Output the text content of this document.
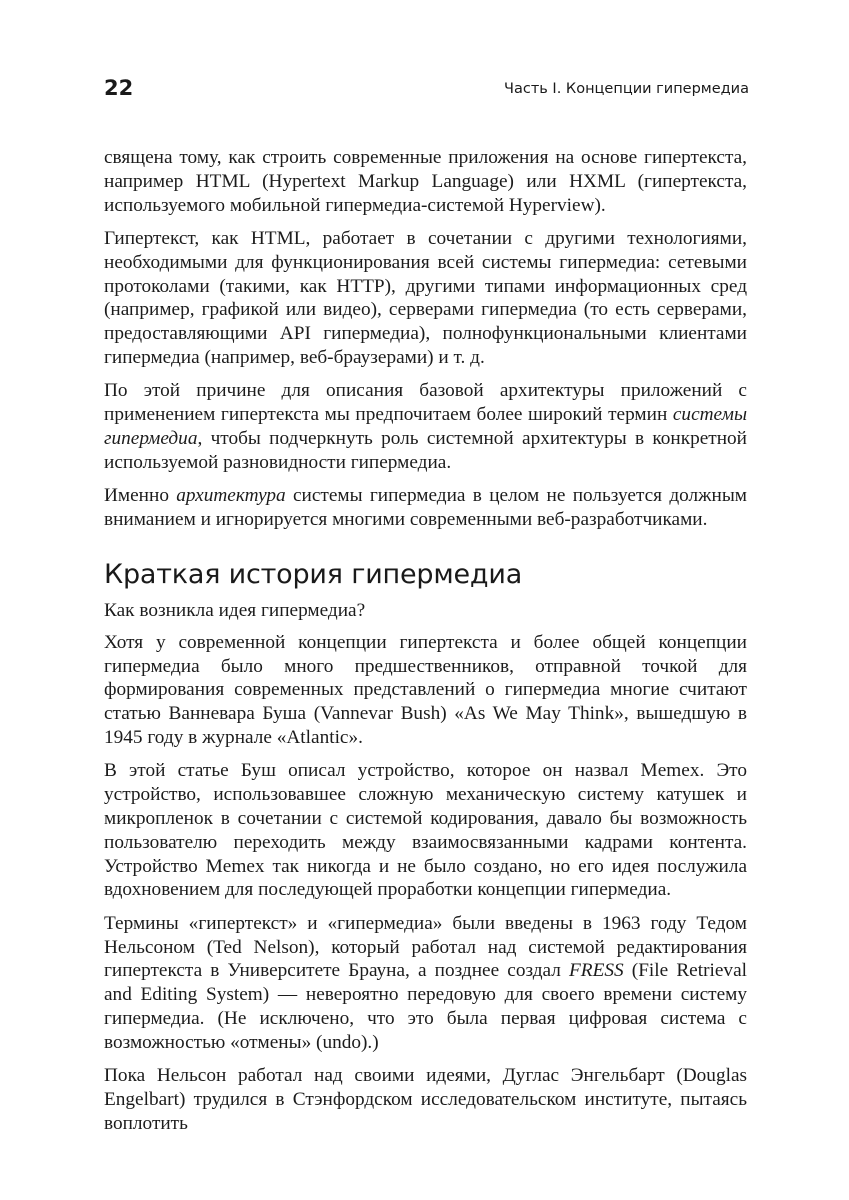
22	Часть I. Концепции гипермедиа

священа тому, как строить современные приложения на основе гипертекста, например HTML (Hypertext Markup Language) или HXML (гипертекста, используемого мобильной гипермедиа-системой Hyperview).

Гипертекст, как HTML, работает в сочетании с другими технологиями, необходимыми для функционирования всей системы гипермедиа: сетевыми протоколами (такими, как HTTP), другими типами информационных сред (например, графикой или видео), серверами гипермедиа (то есть серверами, предоставляющими API гипермедиа), полнофункциональными клиентами гипермедиа (например, веб-браузерами) и т. д.

По этой причине для описания базовой архитектуры приложений с применением гипертекста мы предпочитаем более широкий термин системы гипермедиа, чтобы подчеркнуть роль системной архитектуры в конкретной используемой разновидности гипермедиа.

Именно архитектура системы гипермедиа в целом не пользуется должным вниманием и игнорируется многими современными веб-разработчиками.

Краткая история гипермедиа

Как возникла идея гипермедиа?

Хотя у современной концепции гипертекста и более общей концепции гипермедиа было много предшественников, отправной точкой для формирования современных представлений о гипермедиа многие считают статью Ванневара Буша (Vannevar Bush) «As We May Think», вышедшую в 1945 году в журнале «Atlantic».

В этой статье Буш описал устройство, которое он назвал Memex. Это устройство, использовавшее сложную механическую систему катушек и микропленок в сочетании с системой кодирования, давало бы возможность пользователю переходить между взаимосвязанными кадрами контента. Устройство Memex так никогда и не было создано, но его идея послужила вдохновением для последующей проработки концепции гипермедиа.

Термины «гипертекст» и «гипермедиа» были введены в 1963 году Тедом Нельсоном (Ted Nelson), который работал над системой редактирования гипертекста в Университете Брауна, а позднее создал FRESS (File Retrieval and Editing System) — невероятно передовую для своего времени систему гипермедиа. (Не исключено, что это была первая цифровая система с возможностью «отмены» (undo).)

Пока Нельсон работал над своими идеями, Дуглас Энгельбарт (Douglas Engelbart) трудился в Стэнфордском исследовательском институте, пытаясь воплотить
